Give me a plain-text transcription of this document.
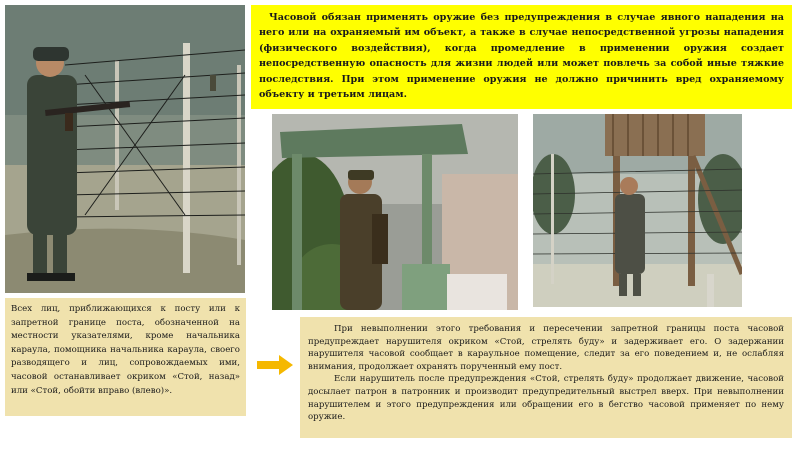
Часовой обязан применять оружие без предупреждения в случае явного нападения на него или на охраняемый им объект, а также в случае непосредственной угрозы нападения (физического воздействия), когда промедление в применении оружия создает непосредственную опасность для жизни людей или может повлечь за собой иные тяжкие последствия. При этом применение оружия не должно причинить вред охраняемому объекту и третьим лицам.

Всех лиц, приближающихся к посту или к запретной границе поста, обозначенной на местности указателями, кроме начальника караула, помощника начальника караула, своего разводящего и лиц, сопровождаемых ими, часовой останавливает окриком «Стой, назад» или «Стой, обойти вправо (влево)».

При невыполнении этого требования и пересечении запретной границы поста часовой предупреждает нарушителя окриком «Стой, стрелять буду» и задерживает его. О задержании нарушителя часовой сообщает в караульное помещение, следит за его поведением и, не ослабляя внимания, продолжает охранять порученный ему пост.

Если нарушитель после предупреждения «Стой, стрелять буду» продолжает движение, часовой досылает патрон в патронник и производит предупредительный выстрел вверх. При невыполнении нарушителем и этого предупреждения или обращении его в бегство часовой применяет по нему оружие.
